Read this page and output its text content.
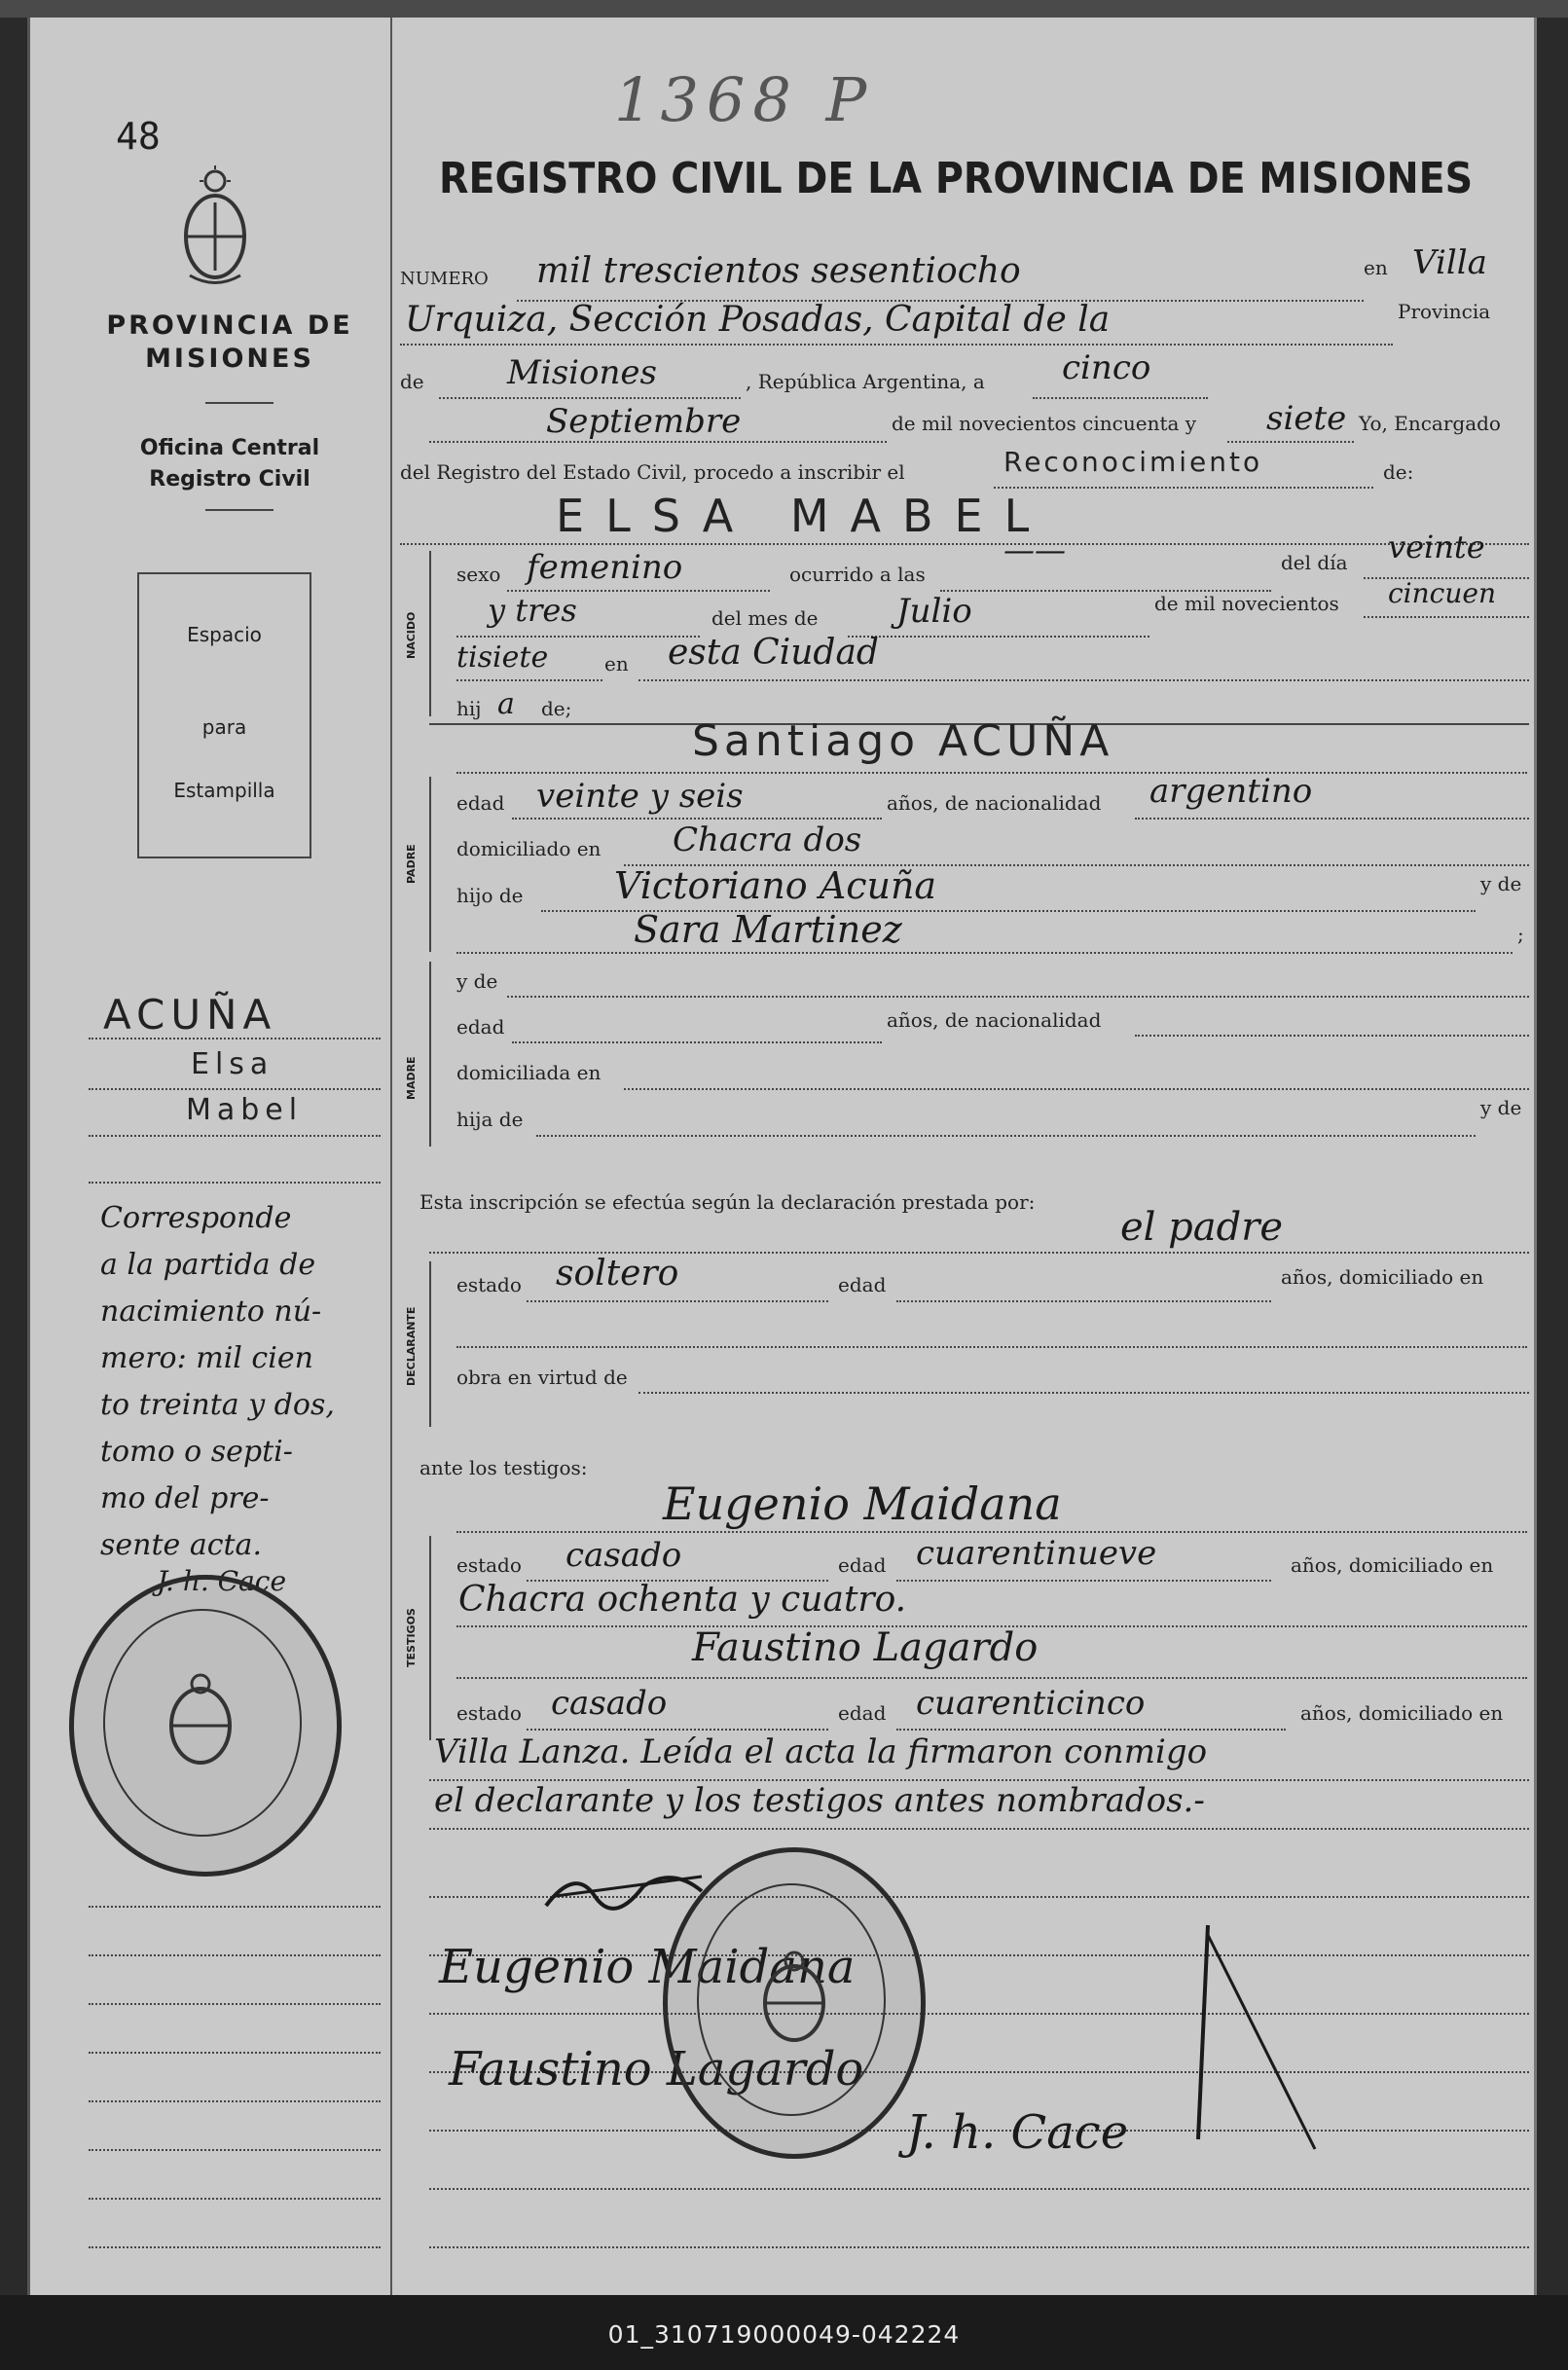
48
PROVINCIA DE MISIONES
Oficina Central
Registro Civil
Espacio
para
Estampilla
ACUÑA
Elsa
Mabel
Corresponde
a la partida de
nacimiento nú-
mero: mil cien
to treinta y dos,
tomo o septi-
mo del pre-
sente acta.
J. h. Cace
1368 P
REGISTRO CIVIL DE LA PROVINCIA DE MISIONES
NUMERO mil trescientos sesentiocho	en Villa
Urquiza, Sección Posadas, Capital de la	Provincia
de	Misiones	, República Argentina, a cinco
Septiembre	de mil novecientos cincuenta y siete Yo, Encargado
del Registro del Estado Civil, procedo a inscribir el	Reconocimiento	de:
ELSA MABEL
NACIDO
sexo femenino	ocurrido a las
——	del día veinte
y tres	del mes de Julio	de mil novecientos cincuen
tisiete	en esta Ciudad
hij a de;
Santiago ACUÑA
PADRE
edad veinte y seis	años, de nacionalidad argentino
domiciliado en Chacra dos
hijo de Victoriano Acuña	y de
Sara Martinez	;
MADRE
y de
edad	años, de nacionalidad
domiciliada en
hija de	y de
Esta inscripción se efectúa según la declaración prestada por:
el padre
DECLARANTE
estado soltero	edad	años, domiciliado en
obra en virtud de
ante los testigos:
Eugenio Maidana
TESTIGOS
estado casado	edad cuarentinueve	años, domiciliado en
Chacra ochenta y cuatro.
Faustino Lagardo
estado casado	edad cuarenticinco	años, domiciliado en
Villa Lanza. Leída el acta la firmaron conmigo
el declarante y los testigos antes nombrados.-
Eugenio Maidana
Faustino Lagardo
J. h. Cace
01_310719000049-042224
